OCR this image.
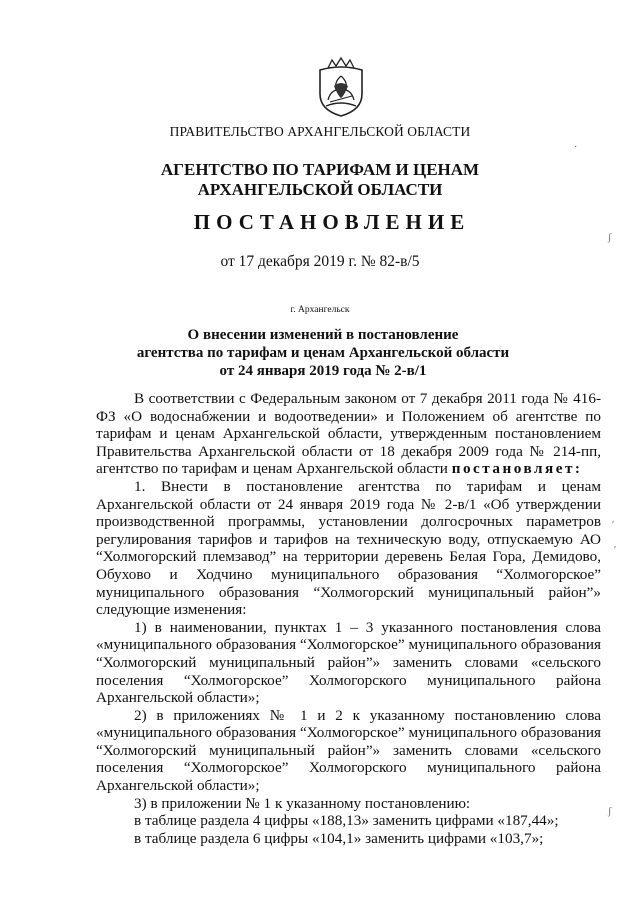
ПРАВИТЕЛЬСТВО АРХАНГЕЛЬСКОЙ ОБЛАСТИ
АГЕНТСТВО ПО ТАРИФАМ И ЦЕНАМ
АРХАНГЕЛЬСКОЙ ОБЛАСТИ
ПОСТАНОВЛЕНИЕ
от 17 декабря 2019 г. № 82-в/5
г. Архангельск
О внесении изменений в постановление
агентства по тарифам и ценам Архангельской области
от 24 января 2019 года № 2-в/1

В соответствии с Федеральным законом от 7 декабря 2011 года № 416-ФЗ «О водоснабжении и водоотведении» и Положением об агентстве по тарифам и ценам Архангельской области, утвержденным постановлением Правительства Архангельской области от 18 декабря 2009 года № 214-пп, агентство по тарифам и ценам Архангельской области постановляет:

1. Внести в постановление агентства по тарифам и ценам Архангельской области от 24 января 2019 года № 2-в/1 «Об утверждении производственной программы, установлении долгосрочных параметров регулирования тарифов и тарифов на техническую воду, отпускаемую АО “Холмогорский племзавод” на территории деревень Белая Гора, Демидово, Обухово и Ходчино муниципального образования “Холмогорское” муниципального образования “Холмогорский муниципальный район”» следующие изменения:

1) в наименовании, пунктах 1 – 3 указанного постановления слова «муниципального образования “Холмогорское” муниципального образования “Холмогорский муниципальный район”» заменить словами «сельского поселения “Холмогорское” Холмогорского муниципального района Архангельской области»;

2) в приложениях № 1 и 2 к указанному постановлению слова «муниципального образования “Холмогорское” муниципального образования “Холмогорский муниципальный район”» заменить словами «сельского поселения “Холмогорское” Холмогорского муниципального района Архангельской области»;

3) в приложении № 1 к указанному постановлению:

в таблице раздела 4 цифры «188,13» заменить цифрами «187,44»;

в таблице раздела 6 цифры «104,1» заменить цифрами «103,7»;

ʃ
ʹ
ʹ
ʃ
·
